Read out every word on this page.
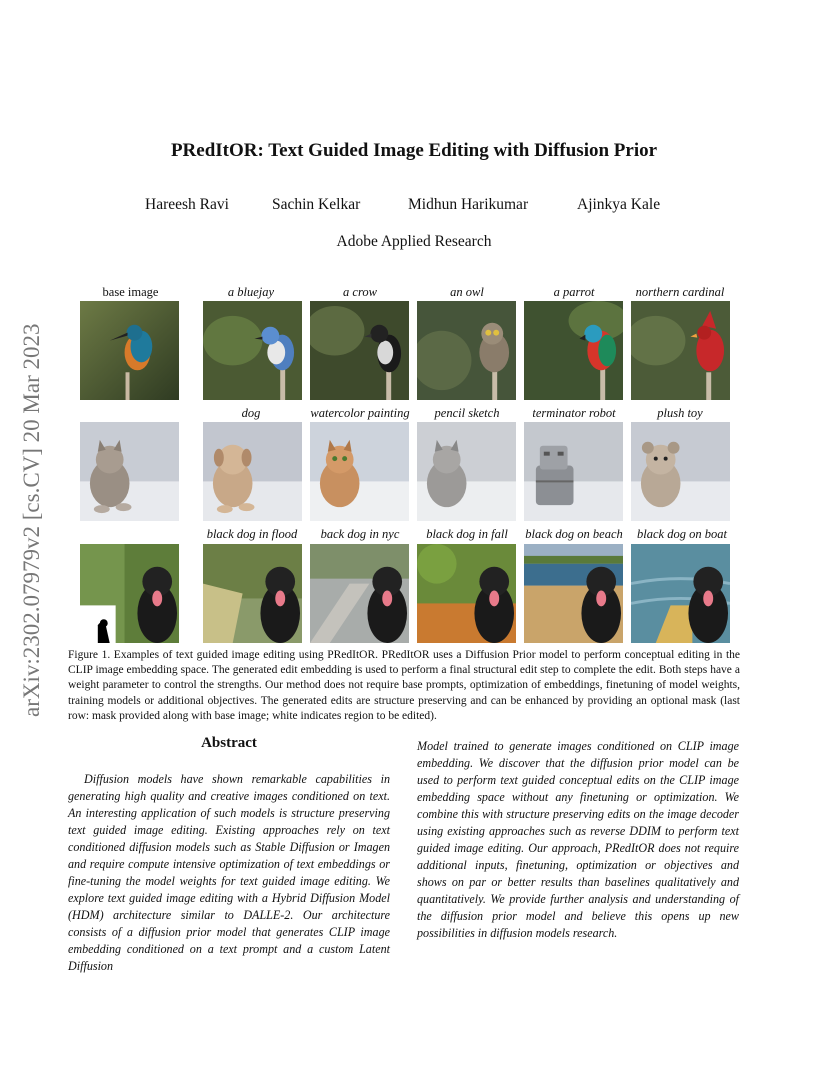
arXiv:2302.07979v2 [cs.CV] 20 Mar 2023
PRedItOR: Text Guided Image Editing with Diffusion Prior
Hareesh Ravi	Sachin Kelkar	Midhun Harikumar	Ajinkya Kale
Adobe Applied Research
base image	a bluejay	a crow	an owl	a parrot	northern cardinal
dog	watercolor painting	pencil sketch	terminator robot	plush toy
black dog in flood	back dog in nyc	black dog in fall	black dog on beach	black dog on boat
Figure 1. Examples of text guided image editing using PRedItOR. PRedItOR uses a Diffusion Prior model to perform conceptual editing in the CLIP image embedding space. The generated edit embedding is used to perform a final structural edit step to complete the edit. Both steps have a weight parameter to control the strengths. Our method does not require base prompts, optimization of embeddings, finetuning of model weights, training models or additional objectives. The generated edits are structure preserving and can be enhanced by providing an optional mask (last row: mask provided along with base image; white indicates region to be edited).
Abstract
Diffusion models have shown remarkable capabilities in generating high quality and creative images conditioned on text. An interesting application of such models is structure preserving text guided image editing. Existing approaches rely on text conditioned diffusion models such as Stable Diffusion or Imagen and require compute intensive optimization of text embeddings or fine-tuning the model weights for text guided image editing. We explore text guided image editing with a Hybrid Diffusion Model (HDM) architecture similar to DALLE-2. Our architecture consists of a diffusion prior model that generates CLIP image embedding conditioned on a text prompt and a custom Latent Diffusion
Model trained to generate images conditioned on CLIP image embedding. We discover that the diffusion prior model can be used to perform text guided conceptual edits on the CLIP image embedding space without any finetuning or optimization. We combine this with structure preserving edits on the image decoder using existing approaches such as reverse DDIM to perform text guided image editing. Our approach, PRedItOR does not require additional inputs, finetuning, optimization or objectives and shows on par or better results than baselines qualitatively and quantitatively. We provide further analysis and understanding of the diffusion prior model and believe this opens up new possibilities in diffusion models research.
